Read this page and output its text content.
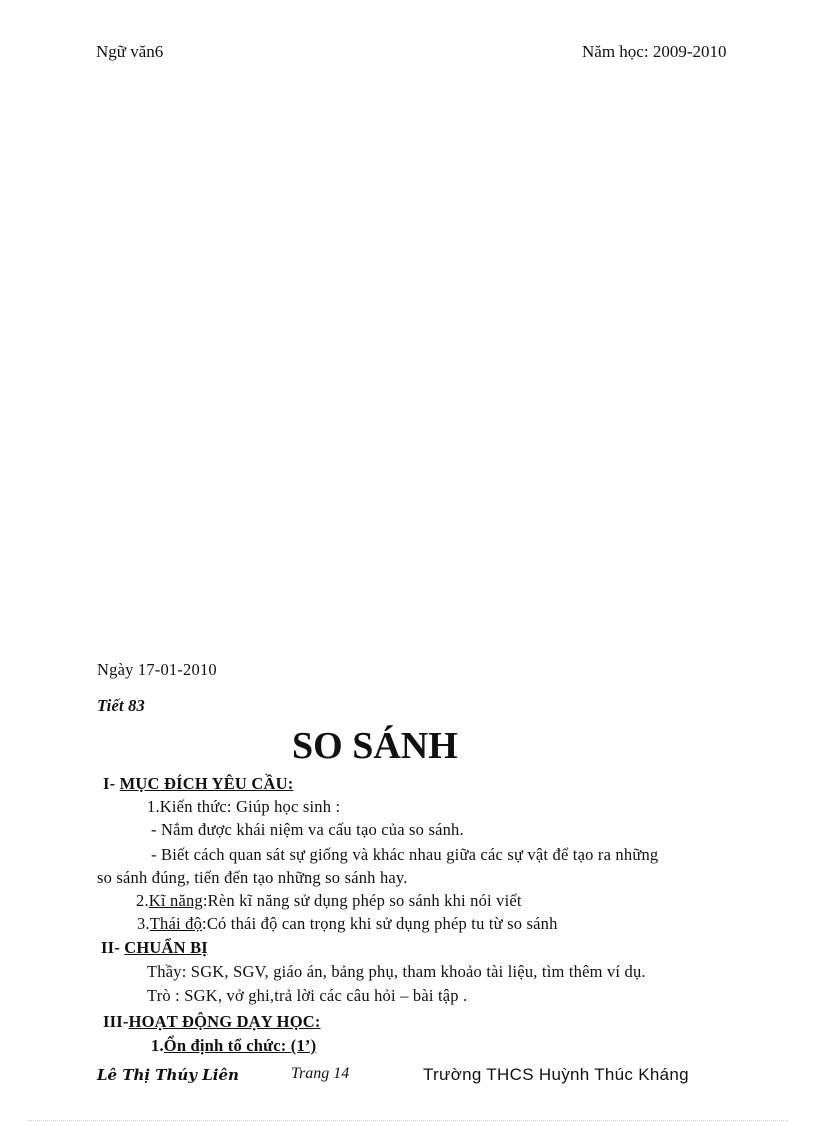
Ngữ văn6	Năm học: 2009-2010
Ngày 17-01-2010
Tiết 83
SO SÁNH
I- MỤC ĐÍCH YÊU CẦU:
1.Kiến thức: Giúp học sinh :
- Nắm được khái niệm va cấu tạo của so sánh.
- Biết cách quan sát sự giống và khác nhau giữa các sự vật để tạo ra những
so sánh đúng, tiến đến tạo những so sánh hay.
2.Kĩ năng:Rèn kĩ năng sử dụng phép so sánh khi nói viết
3.Thái độ:Có thái độ can trọng khi sử dụng phép tu từ so sánh
II- CHUẨN BỊ
Thầy: SGK, SGV, giáo án, bảng phụ, tham khoảo tài liệu, tìm thêm ví dụ.
Trò : SGK, vở ghi,trả lời các câu hỏi – bài tập .
III-HOẠT ĐỘNG DẠY HỌC:
1.Ổn định tổ chức: (1’)
Lê Thị Thúy Liên	Trang 14	Trường THCS Huỳnh Thúc Kháng
